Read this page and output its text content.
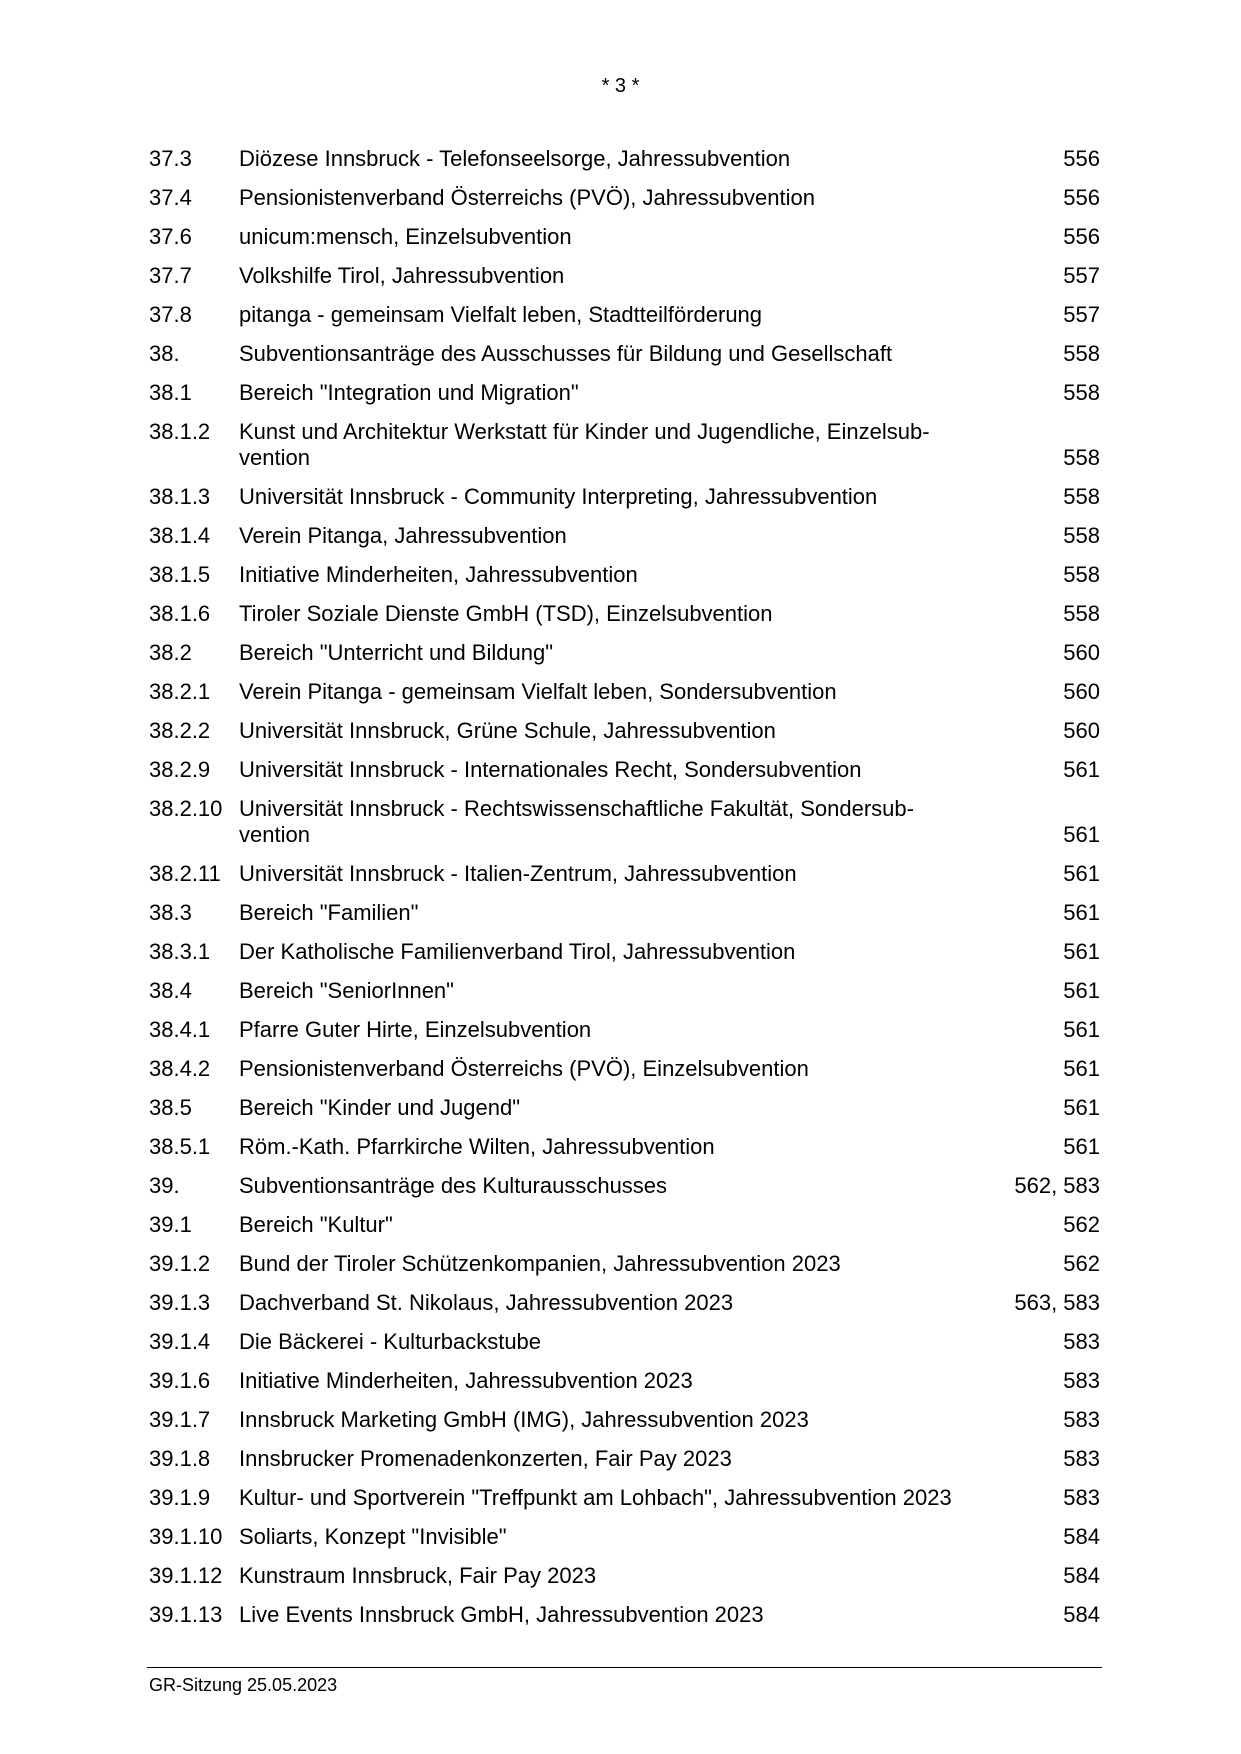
* 3 *
37.3	Diözese Innsbruck - Telefonseelsorge, Jahressubvention	556
37.4	Pensionistenverband Österreichs (PVÖ), Jahressubvention	556
37.6	unicum:mensch, Einzelsubvention	556
37.7	Volkshilfe Tirol, Jahressubvention	557
37.8	pitanga - gemeinsam Vielfalt leben, Stadtteilförderung	557
38.	Subventionsanträge des Ausschusses für Bildung und Gesellschaft	558
38.1	Bereich "Integration und Migration"	558
38.1.2	Kunst und Architektur Werkstatt für Kinder und Jugendliche, Einzelsub-
vention	558
38.1.3	Universität Innsbruck - Community Interpreting, Jahressubvention	558
38.1.4	Verein Pitanga, Jahressubvention	558
38.1.5	Initiative Minderheiten, Jahressubvention	558
38.1.6	Tiroler Soziale Dienste GmbH (TSD), Einzelsubvention	558
38.2	Bereich "Unterricht und Bildung"	560
38.2.1	Verein Pitanga - gemeinsam Vielfalt leben, Sondersubvention	560
38.2.2	Universität Innsbruck, Grüne Schule, Jahressubvention	560
38.2.9	Universität Innsbruck - Internationales Recht, Sondersubvention	561
38.2.10 Universität Innsbruck - Rechtswissenschaftliche Fakultät, Sondersub-
vention	561
38.2.11 Universität Innsbruck - Italien-Zentrum, Jahressubvention	561
38.3	Bereich "Familien"	561
38.3.1	Der Katholische Familienverband Tirol, Jahressubvention	561
38.4	Bereich "SeniorInnen"	561
38.4.1	Pfarre Guter Hirte, Einzelsubvention	561
38.4.2	Pensionistenverband Österreichs (PVÖ), Einzelsubvention	561
38.5	Bereich "Kinder und Jugend"	561
38.5.1	Röm.-Kath. Pfarrkirche Wilten, Jahressubvention	561
39.	Subventionsanträge des Kulturausschusses	562, 583
39.1	Bereich "Kultur"	562
39.1.2	Bund der Tiroler Schützenkompanien, Jahressubvention 2023	562
39.1.3	Dachverband St. Nikolaus, Jahressubvention 2023	563, 583
39.1.4	Die Bäckerei - Kulturbackstube	583
39.1.6	Initiative Minderheiten, Jahressubvention 2023	583
39.1.7	Innsbruck Marketing GmbH (IMG), Jahressubvention 2023	583
39.1.8	Innsbrucker Promenadenkonzerten, Fair Pay 2023	583
39.1.9	Kultur- und Sportverein "Treffpunkt am Lohbach", Jahressubvention 2023	583
39.1.10 Soliarts, Konzept "Invisible"	584
39.1.12 Kunstraum Innsbruck, Fair Pay 2023	584
39.1.13 Live Events Innsbruck GmbH, Jahressubvention 2023	584
GR-Sitzung 25.05.2023
